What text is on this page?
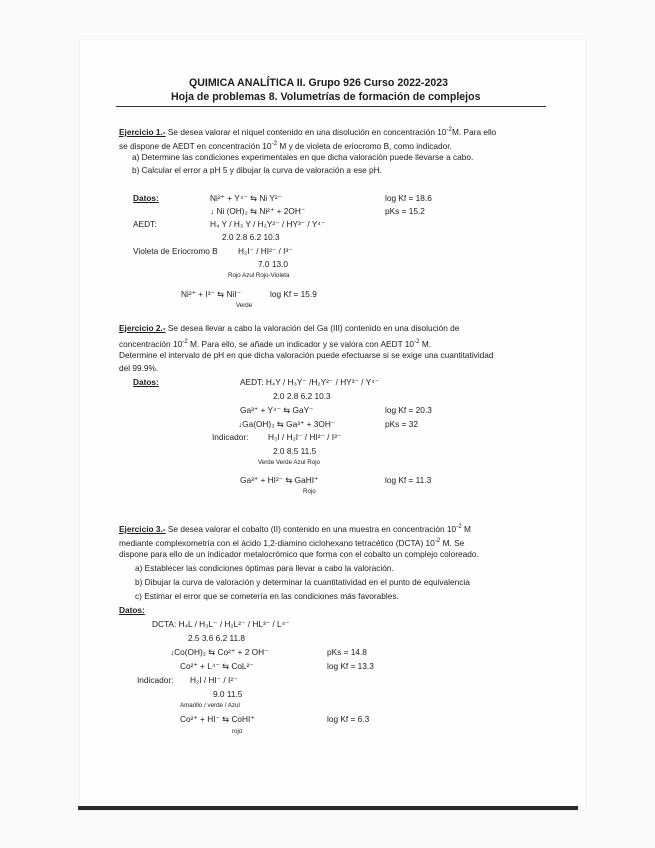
QUIMICA ANALÍTICA II. Grupo 926 Curso 2022-2023
Hoja de problemas 8. Volumetrías de formación de complejos
Ejercicio 1.- Se desea valorar el níquel contenido en una disolución en concentración $10^{-2}M$. Para ello
se dispone de AEDT en concentración $10^{-2}$ M y de violeta de eriocromo B, como indicador.
a) Determine las condiciones experimentales en que dicha valoración puede llevarse a cabo.
b) Calcular el error a pH 5 y dibujar la curva de valoración a ese pH.
Datos:	Ni²⁺ + Y⁴⁻ ⇆ Ni Y²⁻	log Kf = 18.6
↓ Ni (OH)₂ ⇆ Ni²⁺ + 2OH⁻	pKs = 15.2
AEDT:	H₄ Y / H₃ Y / H₂Y²⁻ / HY³⁻ / Y⁴⁻
2.0 2.8 6.2 10.3
Violeta de Eriocromo B H₂I⁻ / HI²⁻ / I³⁻
7.0 13.0
Rojo Azul Rojo-Violeta
Ni²⁺ + I³⁻ ⇆ NiI⁻	log Kf = 15.9
Verde
Ejercicio 2.- Se desea llevar a cabo la valoración del Ga (III) contenido en una disolución de
concentración $10^{-2}$ M. Para ello, se añade un indicador y se valora con AEDT $10^{-2}$ M.
Determine el intervalo de pH en que dicha valoración puede efectuarse si se exige una cuantitatividad
del 99.9%.
Datos:	AEDT: H₄Y / H₃Y⁻ /H₂Y²⁻ / HY³⁻ / Y⁴⁻
2.0 2.8 6.2 10.3
Ga³⁺ + Y⁴⁻ ⇆ GaY⁻	log Kf = 20.3
↓Ga(OH)₃ ⇆ Ga³⁺ + 3OH⁻	pKs = 32
Indicador: H₃I / H₂I⁻ / HI²⁻ / I³⁻
2.0 8.5 11.5
Verde Verde Azul Rojo
Ga³⁺ + HI²⁻ ⇆ GaHI⁺	log Kf = 11.3
Rojo
Ejercicio 3.- Se desea valorar el cobalto (II) contenido en una muestra en concentración $10^{-2}$ M
mediante complexometría con el ácido 1,2-diamino ciclohexano tetracético (DCTA) $10^{-2}$ M. Se
dispone para ello de un indicador metalocrómico que forma con el cobalto un complejo coloreado.
a) Establecer las condiciones óptimas para llevar a cabo la valoración.
b) Dibujar la curva de valoración y determinar la cuantitatividad en el punto de equivalencia
c) Estimar el error que se cometería en las condiciones más favorables.
Datos:
DCTA: H₄L / H₃L⁻ / H₂L²⁻ / HL³⁻ / L⁴⁻
2.5 3.6 6.2 11.8
↓Co(OH)₂ ⇆ Co²⁺ + 2 OH⁻	pKs = 14.8
Co²⁺ + L⁴⁻ ⇆ CoL²⁻	log Kf = 13.3
Indicador: H₂I / HI⁻ / I²⁻
9.0 11.5
Amarillo / verde / Azul
Co²⁺ + HI⁻ ⇆ CoHI⁺	log Kf = 6.3
rojo
